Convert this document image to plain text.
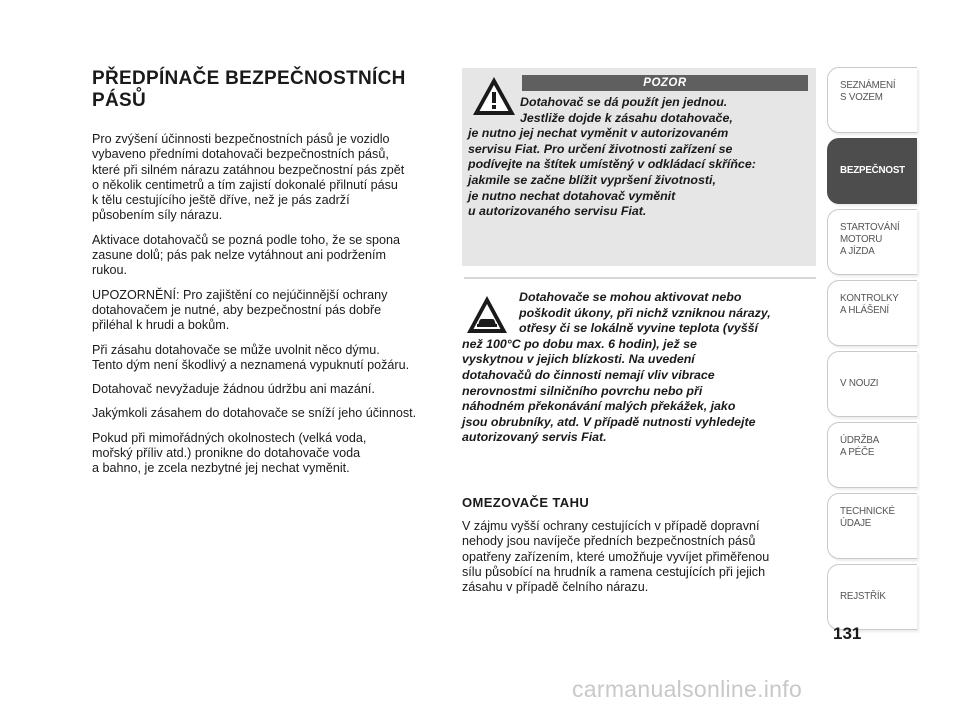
PŘEDPÍNAČE BEZPEČNOSTNÍCH
PÁSŮ

Pro zvýšení účinnosti bezpečnostních pásů je vozidlo
vybaveno předními dotahovači bezpečnostních pásů,
které při silném nárazu zatáhnou bezpečnostní pás zpět
o několik centimetrů a tím zajistí dokonalé přilnutí pásu
k tělu cestujícího ještě dříve, než je pás zadrží
působením síly nárazu.

Aktivace dotahovačů se pozná podle toho, že se spona
zasune dolů; pás pak nelze vytáhnout ani podržením
rukou.

UPOZORNĚNÍ: Pro zajištění co nejúčinnější ochrany
dotahovačem je nutné, aby bezpečnostní pás dobře
přiléhal k hrudi a bokům.

Při zásahu dotahovače se může uvolnit něco dýmu.
Tento dým není škodlivý a neznamená vypuknutí požáru.

Dotahovač nevyžaduje žádnou údržbu ani mazání.

Jakýmkoli zásahem do dotahovače se sníží jeho účinnost.

Pokud při mimořádných okolnostech (velká voda,
mořský příliv atd.) pronikne do dotahovače voda
a bahno, je zcela nezbytné jej nechat vyměnit.

POZOR
Dotahovač se dá použít jen jednou.
Jestliže dojde k zásahu dotahovače,
je nutno jej nechat vyměnit v autorizovaném
servisu Fiat. Pro určení životnosti zařízení se
podívejte na štítek umístěný v odkládací skříňce:
jakmile se začne blížit vypršení životnosti,
je nutno nechat dotahovač vyměnit
u autorizovaného servisu Fiat.
Dotahovače se mohou aktivovat nebo
poškodit úkony, při nichž vzniknou nárazy,
otřesy či se lokálně vyvine teplota (vyšší
než 100°C po dobu max. 6 hodin), jež se
vyskytnou v jejich blízkosti. Na uvedení
dotahovačů do činnosti nemají vliv vibrace
nerovnostmi silničního povrchu nebo při
náhodném překonávání malých překážek, jako
jsou obrubníky, atd. V případě nutnosti vyhledejte
autorizovaný servis Fiat.
OMEZOVAČE TAHU
V zájmu vyšší ochrany cestujících v případě dopravní
nehody jsou navíječe předních bezpečnostních pásů
opatřeny zařízením, které umožňuje vyvíjet přiměřenou
sílu působící na hrudník a ramena cestujících při jejich
zásahu v případě čelního nárazu.
SEZNÁMENÍ
S VOZEM
BEZPEČNOST
STARTOVÁNÍ
MOTORU
A JÍZDA
KONTROLKY
A HLÁŠENÍ
V NOUZI
ÚDRŽBA
A PÉČE
TECHNICKÉ
ÚDAJE
REJSTŘÍK
131
carmanualsonline.info
